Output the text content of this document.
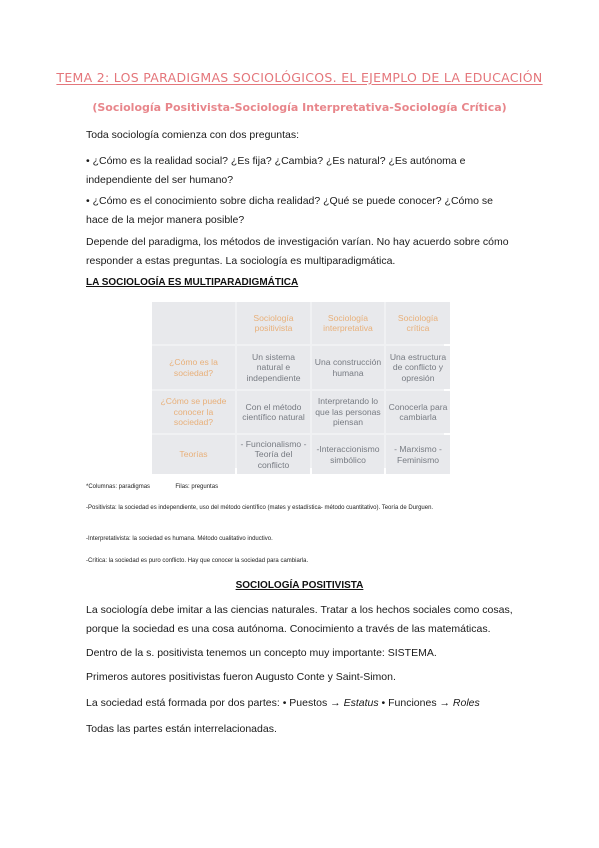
TEMA 2: LOS PARADIGMAS SOCIOLÓGICOS. EL EJEMPLO DE LA EDUCACIÓN
(Sociología Positivista-Sociología Interpretativa-Sociología Crítica)
Toda sociología comienza con dos preguntas:
• ¿Cómo es la realidad social? ¿Es fija? ¿Cambia? ¿Es natural? ¿Es autónoma e independiente del ser humano?
• ¿Cómo es el conocimiento sobre dicha realidad? ¿Qué se puede conocer? ¿Cómo se hace de la mejor manera posible?
Depende del paradigma, los métodos de investigación varían. No hay acuerdo sobre cómo responder a estas preguntas. La sociología es multiparadigmática.
LA SOCIOLOGÍA ES MULTIPARADIGMÁTICA
Sociología positivista
Sociología interpretativa
Sociología crítica
¿Cómo es la sociedad?
Un sistema natural e independiente
Una construcción humana
Una estructura de conflicto y opresión
¿Cómo se puede conocer la sociedad?
Con el método científico natural
Interpretando lo que las personas piensan
Conocerla para cambiarla
Teorías
- Funcionalismo - Teoría del conflicto
-Interaccionismo simbólico
- Marxismo - Feminismo
*Columnas: paradigmas	Filas: preguntas
-Positivista: la sociedad es independiente, uso del método científico (mates y estadística- método cuantitativo). Teoría de Durguen.
-Interpretativista: la sociedad es humana. Método cualitativo inductivo.
-Crítica: la sociedad es puro conflicto. Hay que conocer la sociedad para cambiarla.
SOCIOLOGÍA POSITIVISTA
La sociología debe imitar a las ciencias naturales. Tratar a los hechos sociales como cosas, porque la sociedad es una cosa autónoma. Conocimiento a través de las matemáticas.
Dentro de la s. positivista tenemos un concepto muy importante: SISTEMA.
Primeros autores positivistas fueron Augusto Conte y Saint-Simon.
La sociedad está formada por dos partes: • Puestos → Estatus • Funciones → Roles
Todas las partes están interrelacionadas.
